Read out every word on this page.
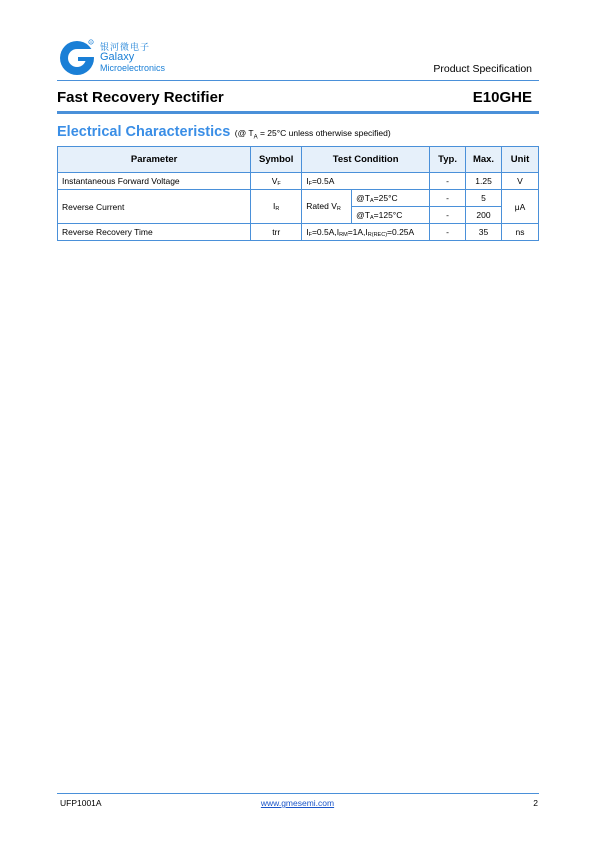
®
银河微电子
Galaxy
Microelectronics	Product Specification
Fast Recovery Rectifier	E10GHE
Electrical Characteristics (@ $T_A = 25^\circ C$ unless otherwise specified)
Parameter	Symbol	Test Condition		Typ.	Max.	Unit
Instantaneous Forward Voltage	$V_F$	$I_F=0.5A$		-	1.25	V
Reverse Current	$I_R$	Rated $V_R$	$@T_A=25^\circ C$	-	5	μA
			$@T_A=125^\circ C$	-	200	
Reverse Recovery Time	trr	$I_F=0.5A,I_{RM}=1A,I_{R(REC)}=0.25A$		-	35	ns
UFP1001A	www.gmesemi.com	2
